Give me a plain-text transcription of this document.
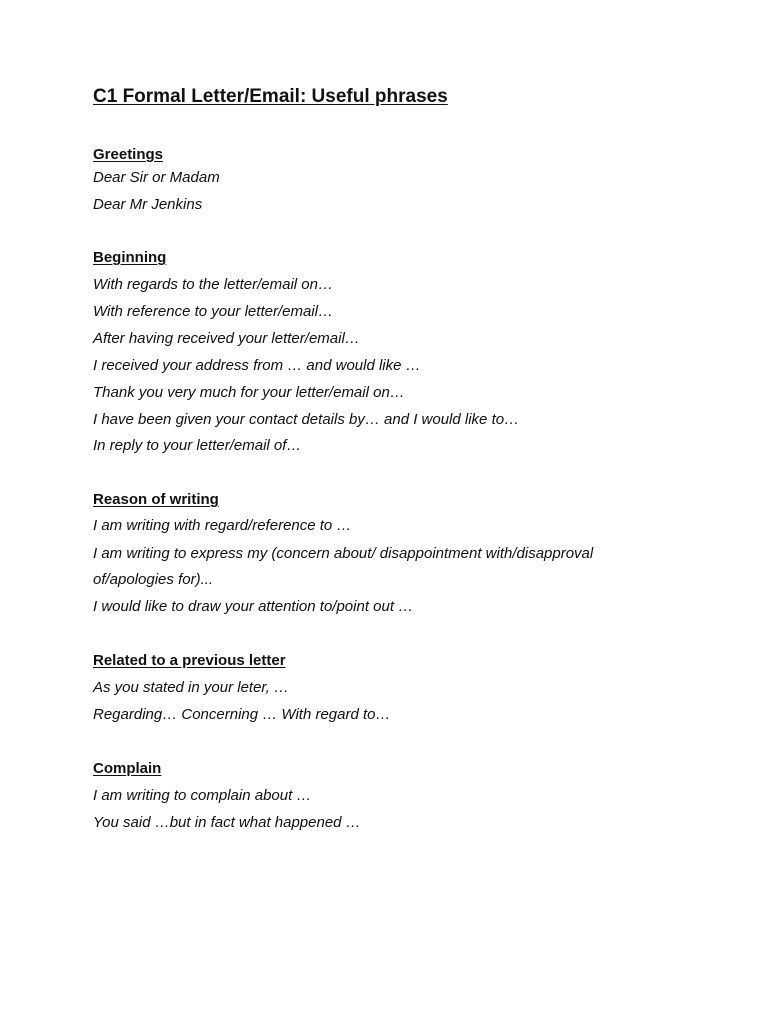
C1 Formal Letter/Email: Useful phrases
Greetings

Dear Sir or Madam

Dear Mr Jenkins

Beginning

With regards to the letter/email on…

With reference to your letter/email…

After having received your letter/email…

I received your address from … and would like …

Thank you very much for your letter/email on…

I have been given your contact details by… and I would like to…

In reply to your letter/email of…

Reason of writing

I am writing with regard/reference to …

I am writing to express my (concern about/ disappointment with/disapproval

of/apologies for)...

I would like to draw your attention to/point out …

Related to a previous letter

As you stated in your leter, …

Regarding… Concerning … With regard to…

Complain

I am writing to complain about …

You said …but in fact what happened …
